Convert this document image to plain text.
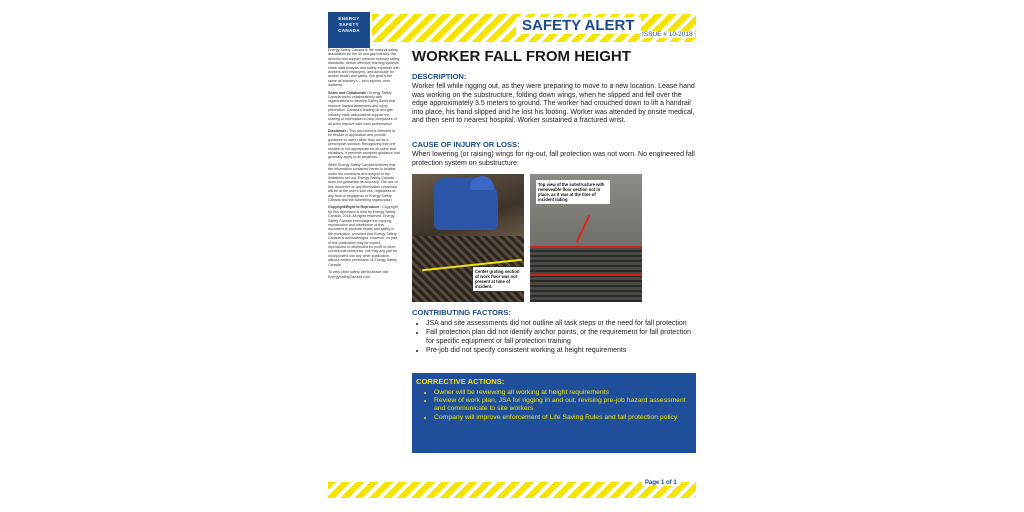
ENERGY
SAFETY
CANADA	SAFETY ALERT
ISSUE # 10-2018

Energy Safety Canada is the national safety association for the oil and gas industry. We develop and support common industry safety standards, deliver effective learning systems, share data analysis and safety expertise with workers and employers, and advocate for worker health and safety. Our goal is the same as industry's – zero injuries, zero incidents.

Share and Collaborate / Energy Safety Canada works collaboratively with organizations to develop Safety Alerts that improve hazard awareness and injury prevention. Canada's leading oil and gas industry trade associations support the sharing of information to help companies of all sizes improve safe work performance.

Disclaimer / This document is intended to be flexible in application and provide guidance to users rather than act as a prescriptive solution. Recognizing that one solution is not appropriate for all users and situations, it presents accepted guidance that generally apply to all situations.

While Energy Safety Canada believes that the information contained herein is reliable under the conditions and subject to the limitations set out, Energy Safety Canada does not guarantee its accuracy. The use of this document or any information contained will be at the user's sole risk, regardless of any fault or negligence of Energy Safety Canada and the submitting organization.

Copyright/Right to Reproduce / Copyright for this document is held by Energy Safety Canada, 2018. All rights reserved. Energy Safety Canada encourages the copying, reproduction and distribution of this document to promote health and safety in the workplace, provided that Energy Safety Canada is acknowledged. However, no part of this publication may be copied, reproduced or distributed for profit or other commercial enterprise, nor may any part be incorporated into any other publication, without written permission of Energy Safety Canada.

To view other safety alerts please visit EnergySafetyCanada.com.

WORKER FALL FROM HEIGHT
DESCRIPTION:
Worker fell while rigging out, as they were preparing to move to a new location. Lease hand was working on the substructure, folding down wings, when he slipped and fell over the edge approximately 3.5 meters to ground. The worker had crouched down to lift a handrail into place, his hand slipped and he lost his footing. Worker was attended by onsite medical, and then sent to nearest hospital. Worker sustained a fractured wrist.
CAUSE OF INJURY OR LOSS:
When lowering (or raising) wings for rig-out, fall protection was not worn. No engineered fall protection system on substructure.
Center grating section of work floor was not present at time of incident.
Top view of the substructure with removeable floor section not in place, as it was at the time of incident lading
CONTRIBUTING FACTORS:
• JSA and site assessments did not outline all task steps or the need for fall protection
• Fall protection plan did not identify anchor points, or the requirement for fall protection for specific equipment or fall protection training
• Pre-job did not specify consistent working at height requirements
CORRECTIVE ACTIONS:
• Owner will be reviewing all working at height requirements
• Review of work plan, JSA for rigging in and out, revising pre-job hazard assessment and communicate to site workers
• Company will improve enforcement of Life Saving Rules and fall protection policy.
Page 1 of 1
